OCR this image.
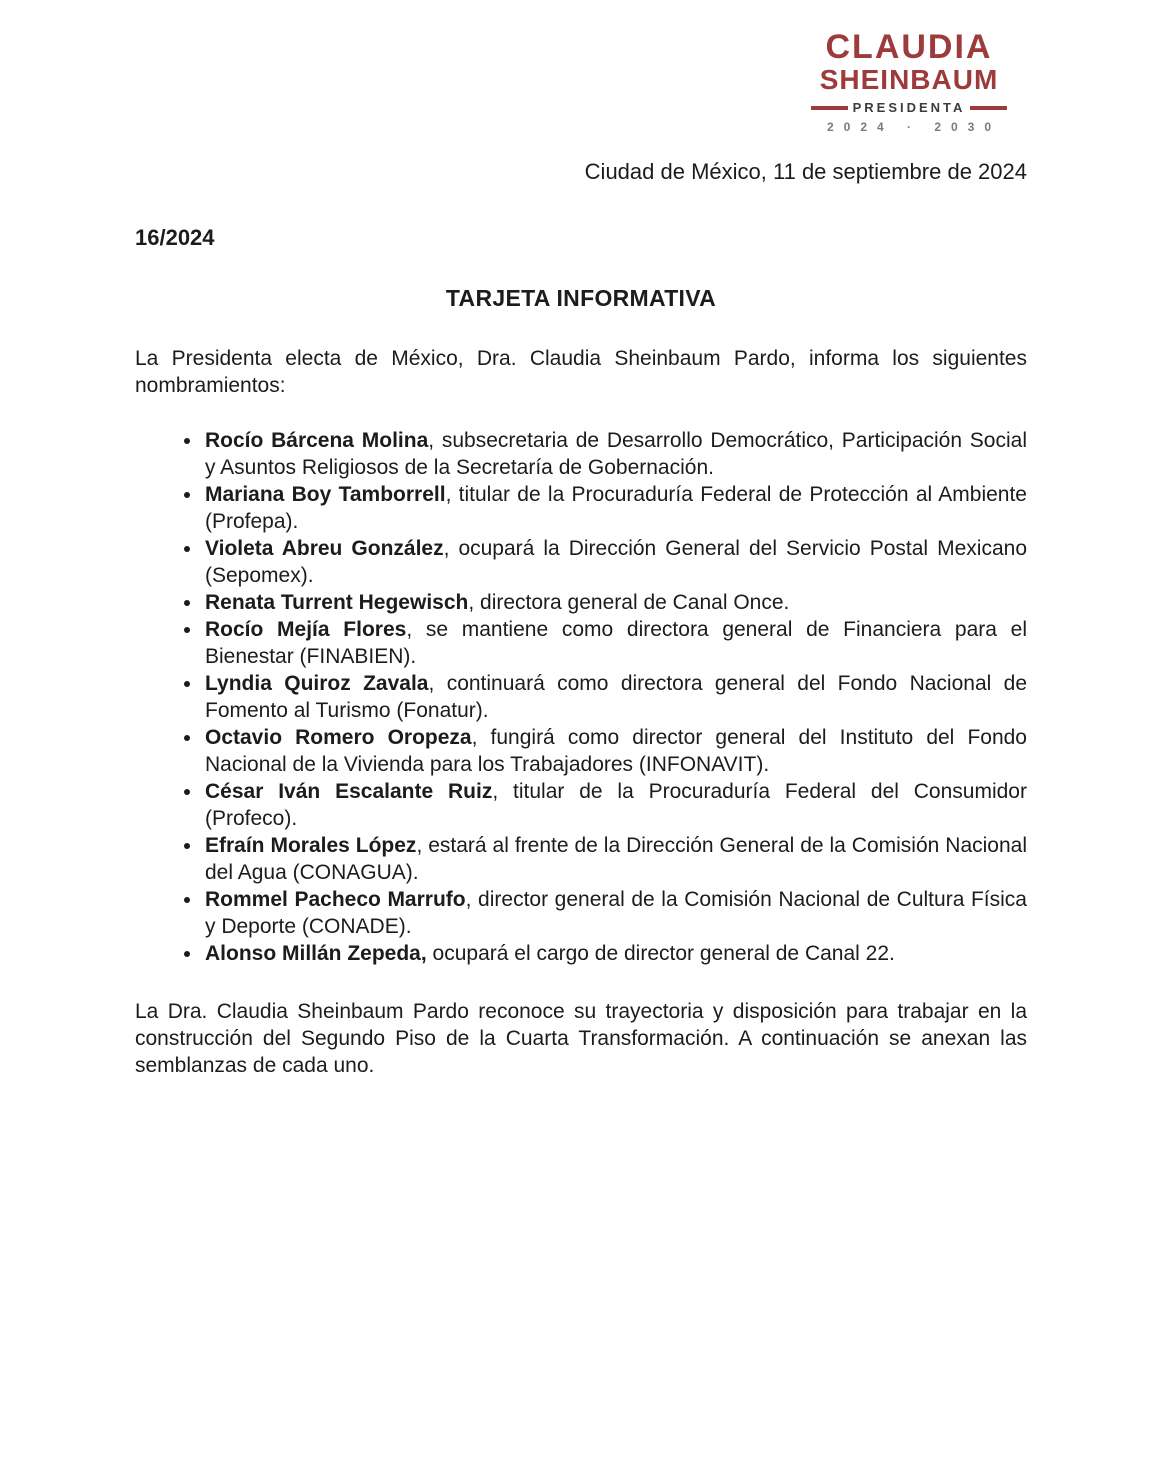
CLAUDIA
SHEINBAUM
PRESIDENTA
2024 · 2030
Ciudad de México, 11 de septiembre de 2024
16/2024
TARJETA INFORMATIVA

La Presidenta electa de México, Dra. Claudia Sheinbaum Pardo, informa los siguientes nombramientos:

• Rocío Bárcena Molina, subsecretaria de Desarrollo Democrático, Participación Social y Asuntos Religiosos de la Secretaría de Gobernación.
• Mariana Boy Tamborrell, titular de la Procuraduría Federal de Protección al Ambiente (Profepa).
• Violeta Abreu González, ocupará la Dirección General del Servicio Postal Mexicano (Sepomex).
• Renata Turrent Hegewisch, directora general de Canal Once.
• Rocío Mejía Flores, se mantiene como directora general de Financiera para el Bienestar (FINABIEN).
• Lyndia Quiroz Zavala, continuará como directora general del Fondo Nacional de Fomento al Turismo (Fonatur).
• Octavio Romero Oropeza, fungirá como director general del Instituto del Fondo Nacional de la Vivienda para los Trabajadores (INFONAVIT).
• César Iván Escalante Ruiz, titular de la Procuraduría Federal del Consumidor (Profeco).
• Efraín Morales López, estará al frente de la Dirección General de la Comisión Nacional del Agua (CONAGUA).
• Rommel Pacheco Marrufo, director general de la Comisión Nacional de Cultura Física y Deporte (CONADE).
• Alonso Millán Zepeda, ocupará el cargo de director general de Canal 22.

La Dra. Claudia Sheinbaum Pardo reconoce su trayectoria y disposición para trabajar en la construcción del Segundo Piso de la Cuarta Transformación. A continuación se anexan las semblanzas de cada uno.
